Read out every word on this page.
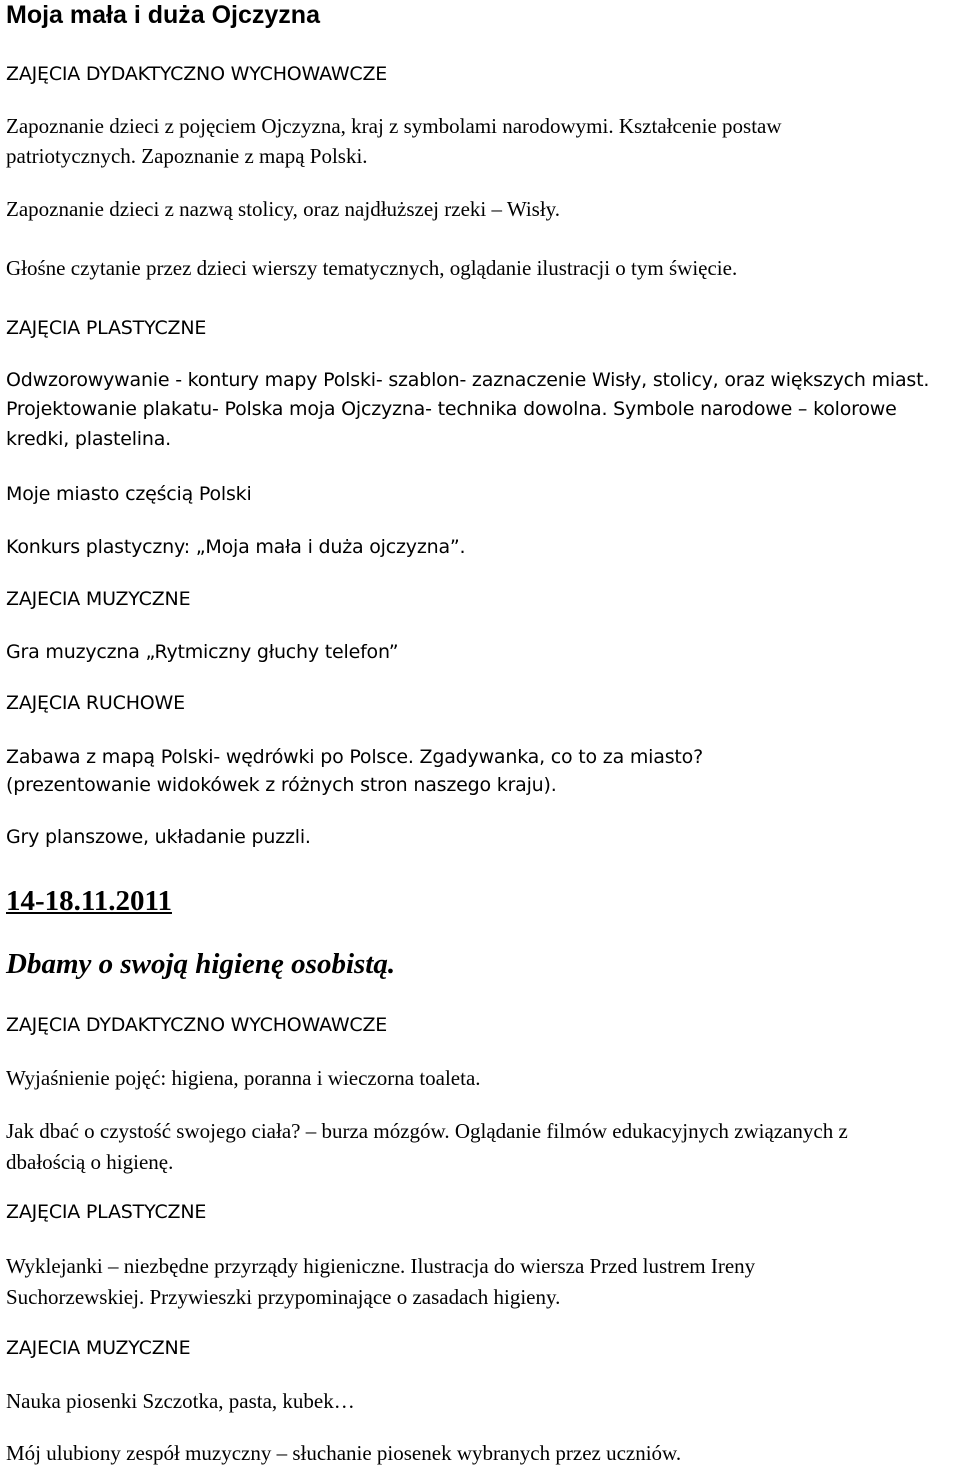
Moja mała i duża Ojczyzna
ZAJĘCIA DYDAKTYCZNO WYCHOWAWCZE
Zapoznanie dzieci z pojęciem Ojczyzna, kraj z symbolami narodowymi. Kształcenie postaw
patriotycznych. Zapoznanie z mapą Polski.
Zapoznanie dzieci z nazwą stolicy, oraz najdłuższej rzeki – Wisły.
Głośne czytanie przez dzieci wierszy tematycznych, oglądanie ilustracji o tym święcie.
ZAJĘCIA PLASTYCZNE
Odwzorowywanie - kontury mapy Polski- szablon- zaznaczenie Wisły, stolicy, oraz większych miast.
Projektowanie plakatu- Polska moja Ojczyzna- technika dowolna. Symbole narodowe – kolorowe
kredki, plastelina.
Moje miasto częścią Polski
Konkurs plastyczny: „Moja mała i duża ojczyzna”.
ZAJECIA MUZYCZNE
Gra muzyczna „Rytmiczny głuchy telefon”
ZAJĘCIA RUCHOWE
Zabawa z mapą Polski- wędrówki po Polsce. Zgadywanka, co to za miasto?
(prezentowanie widokówek z różnych stron naszego kraju).
Gry planszowe, układanie puzzli.
14-18.11.2011
Dbamy o swoją higienę osobistą.
ZAJĘCIA DYDAKTYCZNO WYCHOWAWCZE
Wyjaśnienie pojęć: higiena, poranna i wieczorna toaleta.
Jak dbać o czystość swojego ciała? – burza mózgów. Oglądanie filmów edukacyjnych związanych z
dbałością o higienę.
ZAJĘCIA PLASTYCZNE
Wyklejanki – niezbędne przyrządy higieniczne. Ilustracja do wiersza Przed lustrem Ireny
Suchorzewskiej. Przywieszki przypominające o zasadach higieny.
ZAJECIA MUZYCZNE
Nauka piosenki Szczotka, pasta, kubek…
Mój ulubiony zespół muzyczny – słuchanie piosenek wybranych przez uczniów.
